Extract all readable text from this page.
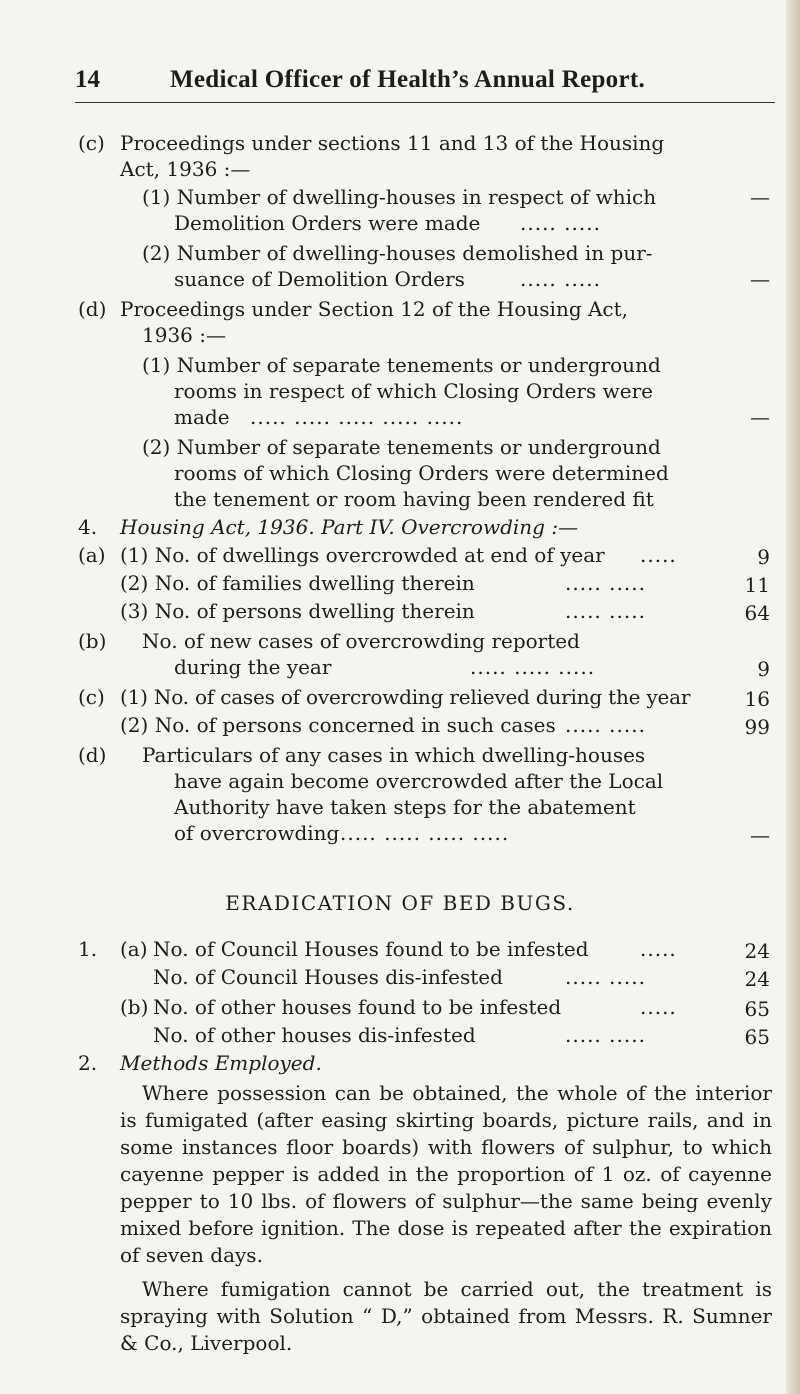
14	Medical Officer of Health’s Annual Report.
(c) Proceedings under sections 11 and 13 of the Housing
Act, 1936 :—
(1) Number of dwelling-houses in respect of which	—
Demolition Orders were made ..... .....
(2) Number of dwelling-houses demolished in pur-
suance of Demolition Orders	..... .....	—
(d) Proceedings under Section 12 of the Housing Act,
1936 :—
(1) Number of separate tenements or underground
rooms in respect of which Closing Orders were
made ..... ..... ..... ..... .....	—
(2) Number of separate tenements or underground
rooms of which Closing Orders were determined
the tenement or room having been rendered fit
4. Housing Act, 1936. Part IV. Overcrowding :—
(a) (1) No. of dwellings overcrowded at end of year .....	9
(2) No. of families dwelling therein	..... .....	11
(3) No. of persons dwelling therein	..... .....	64
(b) No. of new cases of overcrowding reported
during the year	..... ..... .....	9
(c) (1) No. of cases of overcrowding relieved during the year	16
(2) No. of persons concerned in such cases ..... .....	99
(d) Particulars of any cases in which dwelling-houses
have again become overcrowded after the Local
Authority have taken steps for the abatement
of overcrowding ..... ..... ..... .....	—
ERADICATION OF BED BUGS.
1. (a) No. of Council Houses found to be infested	.....	24
No. of Council Houses dis-infested	..... .....	24
(b) No. of other houses found to be infested	.....	65
No. of other houses dis-infested	..... .....	65
2. Methods Employed.
Where possession can be obtained, the whole of the interior is fumigated (after easing skirting boards, picture rails, and in some instances floor boards) with flowers of sulphur, to which cayenne pepper is added in the proportion of 1 oz. of cayenne pepper to 10 lbs. of flowers of sulphur—the same being evenly mixed before ignition. The dose is repeated after the expiration of seven days.
Where fumigation cannot be carried out, the treatment is spraying with Solution “ D,” obtained from Messrs. R. Sumner & Co., Liverpool.
